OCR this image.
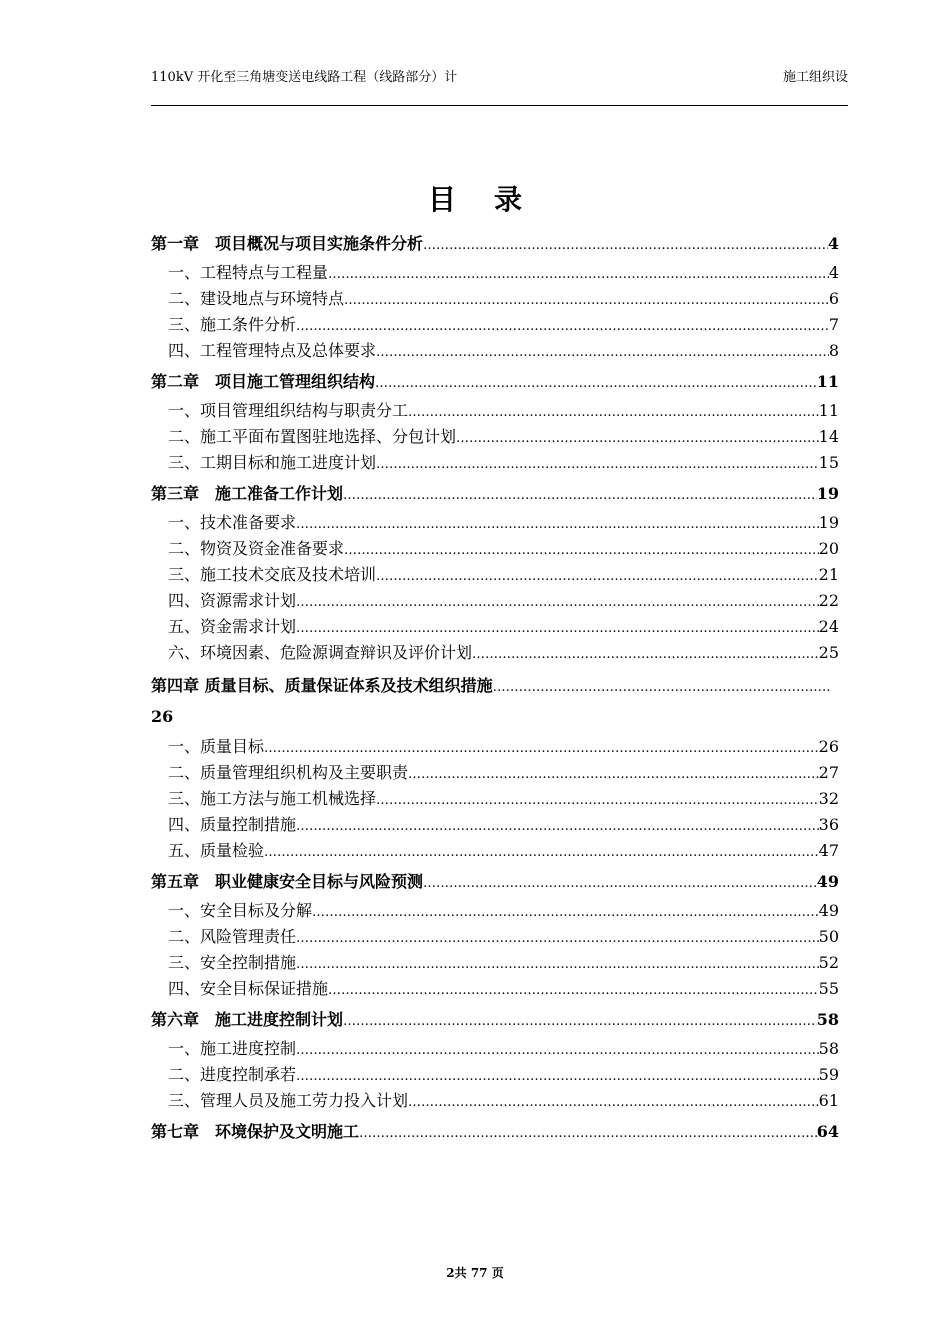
110kV 开化至三角塘变送电线路工程（线路部分）计	施工组织设
目录
第一章　项目概况与项目实施条件分析 ……………………………………………………………………………………………………………………………………………………	4
一、工程特点与工程量 ……………………………………………………………………………………………………………………………………………………	4
二、建设地点与环境特点 ……………………………………………………………………………………………………………………………………………………	6
三、施工条件分析 ……………………………………………………………………………………………………………………………………………………	7
四、工程管理特点及总体要求 ……………………………………………………………………………………………………………………………………………………	8
第二章　项目施工管理组织结构 ……………………………………………………………………………………………………………………………………………………	11
一、项目管理组织结构与职责分工 ……………………………………………………………………………………………………………………………………………………	11
二、施工平面布置图驻地选择、分包计划 ……………………………………………………………………………………………………………………………………………………	14
三、工期目标和施工进度计划 ……………………………………………………………………………………………………………………………………………………	15
第三章　施工准备工作计划 ……………………………………………………………………………………………………………………………………………………	19
一、技术准备要求 ……………………………………………………………………………………………………………………………………………………	19
二、物资及资金准备要求 ……………………………………………………………………………………………………………………………………………………	20
三、施工技术交底及技术培训 ……………………………………………………………………………………………………………………………………………………	21
四、资源需求计划 ……………………………………………………………………………………………………………………………………………………	22
五、资金需求计划 ……………………………………………………………………………………………………………………………………………………	24
六、环境因素、危险源调查辩识及评价计划 ……………………………………………………………………………………………………………………………………………………	25
第四章 质量目标、质量保证体系及技术组织措施
……………………………………………………………………………………………………………………………………………………
26
一、质量目标 ……………………………………………………………………………………………………………………………………………………	26
二、质量管理组织机构及主要职责 ……………………………………………………………………………………………………………………………………………………	27
三、施工方法与施工机械选择 ……………………………………………………………………………………………………………………………………………………	32
四、质量控制措施 ……………………………………………………………………………………………………………………………………………………	36
五、质量检验 ……………………………………………………………………………………………………………………………………………………	47
第五章　职业健康安全目标与风险预测 ……………………………………………………………………………………………………………………………………………………	49
一、安全目标及分解 ……………………………………………………………………………………………………………………………………………………	49
二、风险管理责任 ……………………………………………………………………………………………………………………………………………………	50
三、安全控制措施 ……………………………………………………………………………………………………………………………………………………	52
四、安全目标保证措施 ……………………………………………………………………………………………………………………………………………………	55
第六章　施工进度控制计划 ……………………………………………………………………………………………………………………………………………………	58
一、施工进度控制 ……………………………………………………………………………………………………………………………………………………	58
二、进度控制承若 ……………………………………………………………………………………………………………………………………………………	59
三、管理人员及施工劳力投入计划 ……………………………………………………………………………………………………………………………………………………	61
第七章　环境保护及文明施工 ……………………………………………………………………………………………………………………………………………………	64
2共 77 页
